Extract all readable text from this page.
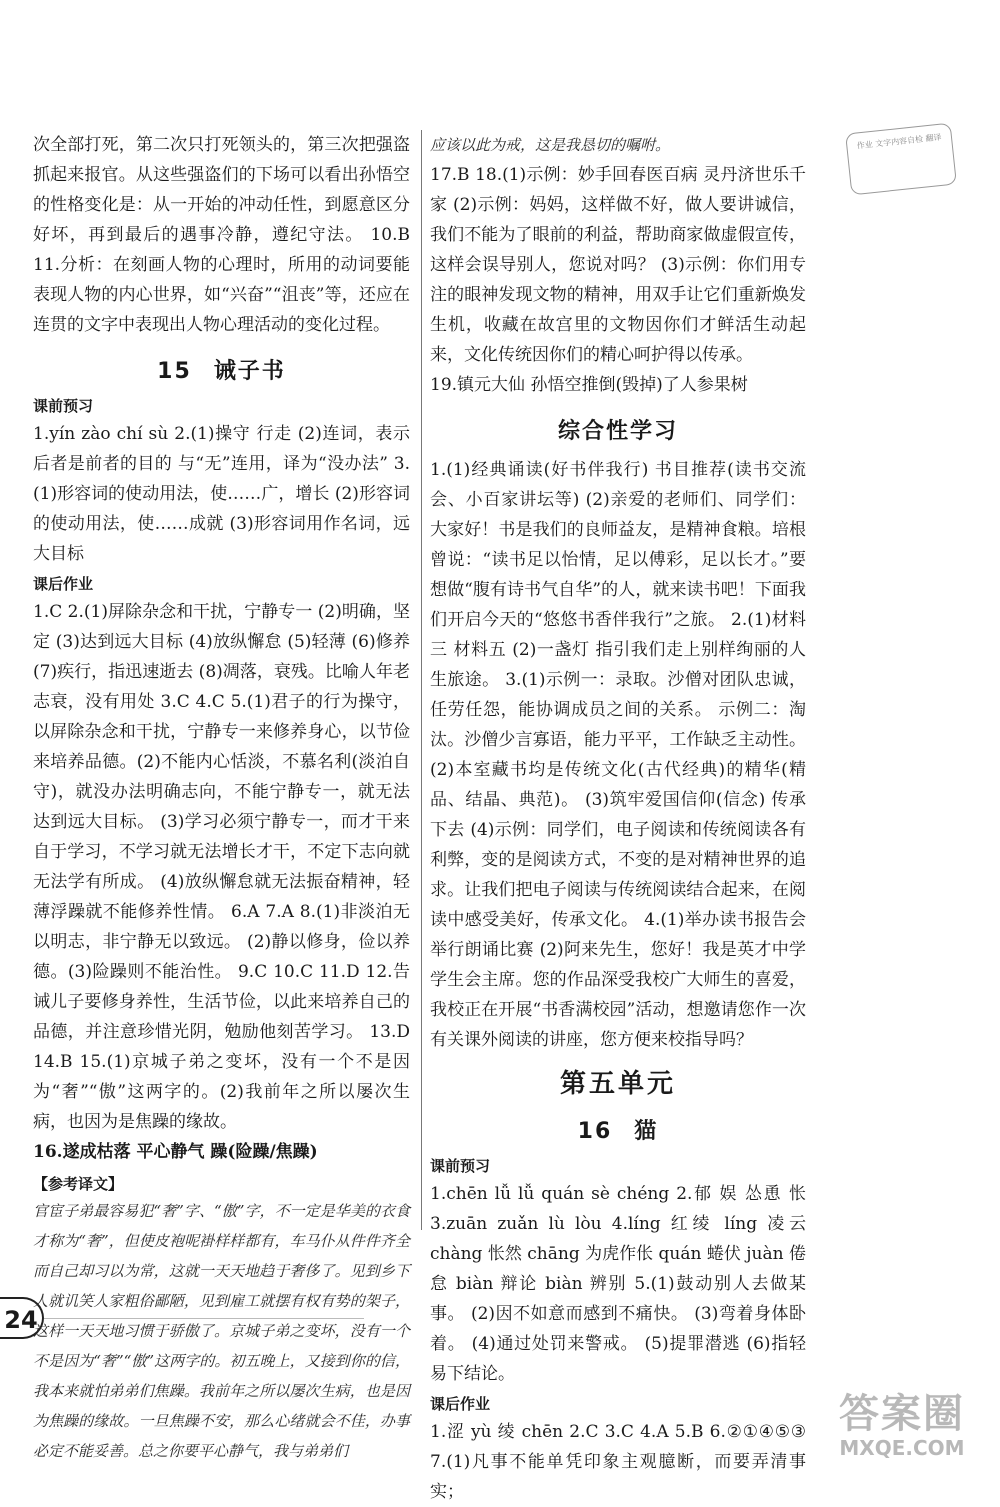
作业 文字内容自检 翻译

次全部打死，第二次只打死领头的，第三次把强盗抓起来报官。从这些强盗们的下场可以看出孙悟空的性格变化是：从一开始的冲动任性，到愿意区分好坏，再到最后的遇事冷静，遵纪守法。 10.B 11.分析：在刻画人物的心理时，所用的动词要能表现人物的内心世界，如“兴奋”“沮丧”等，还应在连贯的文字中表现出人物心理活动的变化过程。

15 诫子书
课前预习

1.yín zào chí sù 2.(1)操守 行走 (2)连词，表示后者是前者的目的 与“无”连用，译为“没办法” 3.(1)形容词的使动用法，使……广，增长 (2)形容词的使动用法，使……成就 (3)形容词用作名词，远大目标

课后作业

1.C 2.(1)屏除杂念和干扰，宁静专一 (2)明确，坚定 (3)达到远大目标 (4)放纵懈怠 (5)轻薄 (6)修养 (7)疾行，指迅速逝去 (8)凋落，衰残。比喻人年老志衰，没有用处 3.C 4.C 5.(1)君子的行为操守，以屏除杂念和干扰，宁静专一来修养身心，以节俭来培养品德。(2)不能内心恬淡，不慕名利(淡泊自守)，就没办法明确志向，不能宁静专一，就无法达到远大目标。 (3)学习必须宁静专一，而才干来自于学习，不学习就无法增长才干，不定下志向就无法学有所成。 (4)放纵懈怠就无法振奋精神，轻薄浮躁就不能修养性情。 6.A 7.A 8.(1)非淡泊无以明志，非宁静无以致远。 (2)静以修身，俭以养德。(3)险躁则不能治性。 9.C 10.C 11.D 12.告诫儿子要修身养性，生活节俭，以此来培养自己的品德，并注意珍惜光阴，勉励他刻苦学习。 13.D 14.B 15.(1)京城子弟之变坏，没有一个不是因为“奢”“傲”这两字的。(2)我前年之所以屡次生病，也因为是焦躁的缘故。

16.遂成枯落 平心静气 躁(险躁/焦躁)

【参考译文】

官宦子弟最容易犯“奢”字、“傲”字，不一定是华美的衣食才称为“奢”，但使皮袍呢褂样样都有，车马仆从件件齐全而自己却习以为常，这就一天天地趋于奢侈了。见到乡下人就讥笑人家粗俗鄙陋，见到雇工就摆有权有势的架子，这样一天天地习惯于骄傲了。京城子弟之变坏，没有一个不是因为“奢”“傲”这两字的。初五晚上，又接到你的信，我本来就怕弟弟们焦躁。我前年之所以屡次生病，也是因为焦躁的缘故。一旦焦躁不安，那么心绪就会不佳，办事必定不能妥善。总之你要平心静气，我与弟弟们

应该以此为戒，这是我恳切的嘱咐。

17.B 18.(1)示例：妙手回春医百病 灵丹济世乐千家 (2)示例：妈妈，这样做不好，做人要讲诚信，我们不能为了眼前的利益，帮助商家做虚假宣传，这样会误导别人，您说对吗？ (3)示例：你们用专注的眼神发现文物的精神，用双手让它们重新焕发生机，收藏在故宫里的文物因你们才鲜活生动起来，文化传统因你们的精心呵护得以传承。

19.镇元大仙 孙悟空推倒(毁掉)了人参果树

综合性学习

1.(1)经典诵读(好书伴我行) 书目推荐(读书交流会、小百家讲坛等) (2)亲爱的老师们、同学们：大家好！书是我们的良师益友，是精神食粮。培根曾说：“读书足以怡情，足以傅彩，足以长才。”要想做“腹有诗书气自华”的人，就来读书吧！下面我们开启今天的“悠悠书香伴我行”之旅。 2.(1)材料三 材料五 (2)一盏灯 指引我们走上别样绚丽的人生旅途。 3.(1)示例一：录取。沙僧对团队忠诚，任劳任怨，能协调成员之间的关系。 示例二：淘汰。沙僧少言寡语，能力平平，工作缺乏主动性。(2)本室藏书均是传统文化(古代经典)的精华(精品、结晶、典范)。 (3)筑牢爱国信仰(信念) 传承下去 (4)示例：同学们，电子阅读和传统阅读各有利弊，变的是阅读方式，不变的是对精神世界的追求。让我们把电子阅读与传统阅读结合起来，在阅读中感受美好，传承文化。 4.(1)举办读书报告会 举行朗诵比赛 (2)阿来先生，您好！我是英才中学学生会主席。您的作品深受我校广大师生的喜爱，我校正在开展“书香满校园”活动，想邀请您作一次有关课外阅读的讲座，您方便来校指导吗？

第五单元
16 猫
课前预习

1.chēn lǚ lǚ quán sè chéng 2.郁 娱 怂恿 怅 3.zuān zuǎn lù lòu 4.líng 红绫 líng 凌云 chàng 怅然 chāng 为虎作伥 quán 蜷伏 juàn 倦怠 biàn 辩论 biàn 辨别 5.(1)鼓动别人去做某事。 (2)因不如意而感到不痛快。 (3)弯着身体卧着。 (4)通过处罚来警戒。 (5)提罪潜逃 (6)指轻易下结论。

课后作业

1.涩 yù 绫 chēn 2.C 3.C 4.A 5.B 6.②①④⑤③ 7.(1)凡事不能单凭印象主观臆断，而要弄清事实；

24
答案圈
MXQE.COM
